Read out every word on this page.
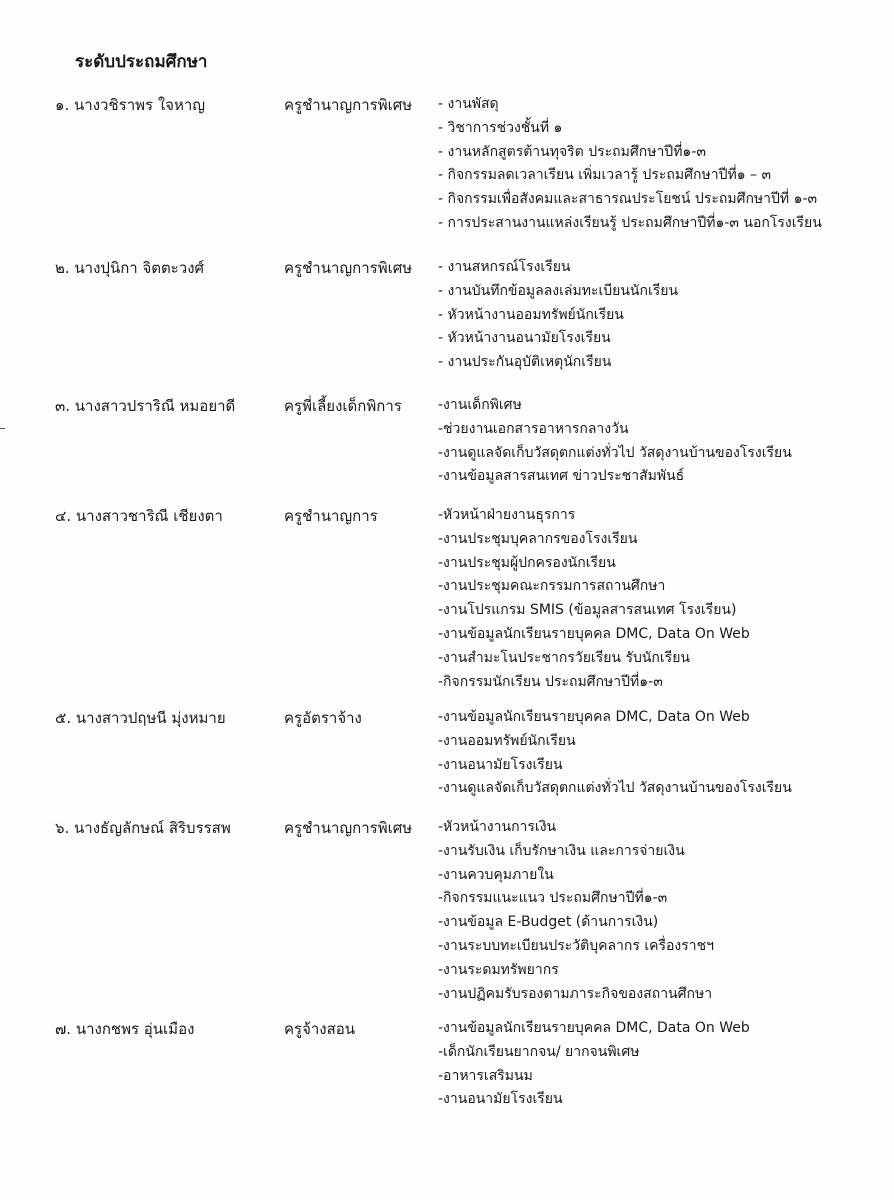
ระดับประถมศึกษา
๑. นางวชิราพร ใจหาญ	ครูชำนาญการพิเศษ	- งานพัสดุ
- วิชาการช่วงชั้นที่ ๑
- งานหลักสูตรต้านทุจริต ประถมศึกษาปีที่๑-๓
- กิจกรรมลดเวลาเรียน เพิ่มเวลารู้ ประถมศึกษาปีที่๑ – ๓
- กิจกรรมเพื่อสังคมและสาธารณประโยชน์ ประถมศึกษาปีที่ ๑-๓
- การประสานงานแหล่งเรียนรู้ ประถมศึกษาปีที่๑-๓ นอกโรงเรียน
๒. นางปุนิกา จิตตะวงศ์	ครูชำนาญการพิเศษ	- งานสหกรณ์โรงเรียน
- งานบันทึกข้อมูลลงเล่มทะเบียนนักเรียน
- หัวหน้างานออมทรัพย์นักเรียน
- หัวหน้างานอนามัยโรงเรียน
- งานประกันอุบัติเหตุนักเรียน
๓. นางสาวปราริณี หมอยาดี	ครูพี่เลี้ยงเด็กพิการ	-งานเด็กพิเศษ
-ช่วยงานเอกสารอาหารกลางวัน
-งานดูแลจัดเก็บวัสดุตกแต่งทั่วไป วัสดุงานบ้านของโรงเรียน
-งานข้อมูลสารสนเทศ ข่าวประชาสัมพันธ์
๔. นางสาวชาริณี เชียงตา	ครูชำนาญการ	-หัวหน้าฝ่ายงานธุรการ
-งานประชุมบุคลากรของโรงเรียน
-งานประชุมผู้ปกครองนักเรียน
-งานประชุมคณะกรรมการสถานศึกษา
-งานโปรแกรม SMIS (ข้อมูลสารสนเทศ โรงเรียน)
-งานข้อมูลนักเรียนรายบุคคล DMC, Data On Web
-งานสำมะโนประชากรวัยเรียน รับนักเรียน
-กิจกรรมนักเรียน ประถมศึกษาปีที่๑-๓
๕. นางสาวปฤษนี มุ่งหมาย	ครูอัตราจ้าง	-งานข้อมูลนักเรียนรายบุคคล DMC, Data On Web
-งานออมทรัพย์นักเรียน
-งานอนามัยโรงเรียน
-งานดูแลจัดเก็บวัสดุตกแต่งทั่วไป วัสดุงานบ้านของโรงเรียน
๖. นางธัญลักษณ์ สิริบรรสพ	ครูชำนาญการพิเศษ	-หัวหน้างานการเงิน
-งานรับเงิน เก็บรักษาเงิน และการจ่ายเงิน
-งานควบคุมภายใน
-กิจกรรมแนะแนว ประถมศึกษาปีที่๑-๓
-งานข้อมูล E-Budget (ด้านการเงิน)
-งานระบบทะเบียนประวัติบุคลากร เครื่องราชฯ
-งานระดมทรัพยากร
-งานปฏิคมรับรองตามภาระกิจของสถานศึกษา
๗. นางกชพร อุ่นเมือง	ครูจ้างสอน	-งานข้อมูลนักเรียนรายบุคคล DMC, Data On Web
-เด็กนักเรียนยากจน/ ยากจนพิเศษ
-อาหารเสริมนม
-งานอนามัยโรงเรียน
